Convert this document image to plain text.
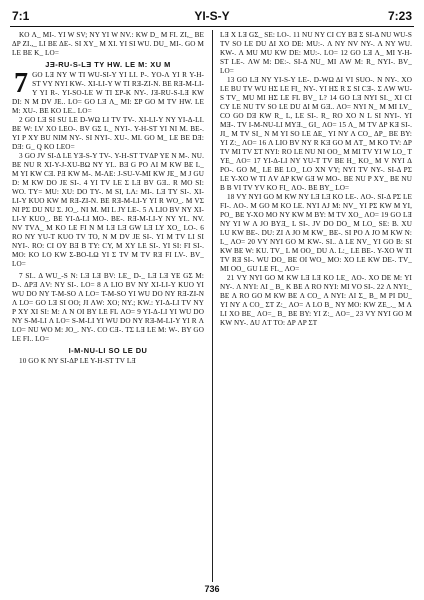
7:1	YI-S-Y	7:23

KO Λ_ MI-. YI W SV; NY YI W NV.: KW D_ M FI. ZI,_ BE ΔP ZI.,_ LI BE ΔE-. SI XY_ M XI. YI SI WU. DU_ MI-. GO M LE BE K_ LO=

JƎ-RU-S-LƎ TY HW. LE M: XU M

7 GO LƎ NY W TI WU-SI-Y YI LI. P-. YO-Λ YI R Y-H-ST VY NYI KW-. XI-LI-Y W TI RƎ-ZI-N. BE RƎ-M-LI-Y YI R-. YI-SO-LE W TI ΣP-K NY-. JƎ-RU-S-LƎ KW DI: N M DV JE.. LO= GO LƎ Λ_ MI: ΣP GO M TV HW. LE M: XU-. BE KO LE.. LO=

2 GO LƎ SI SU LE D-WΩ LI TV TV-. XI-LI-Y NY YI-Δ-LI. BE W: LV XO LEO-. BV GΣ L_ NYI-. Y-H-ST YI NI M. BE-. YI P XY BU NIM NY-. SI NYI-. XU-. MI. GO M_ LE BE DƎ: DƎ: G_ Q KO LEO=

3 GO JV SI-Δ LE YƎ-S-Y TV-. Y-H-ST TVΔP YE N M-. NU. BE NU R XI-Y-J-XU-BΩ NY YI.. BƎ G PO ΛI M KW BE L_ M YI KW CƎ. PƎ KW M-. M-ΛE: J-SU-V-MI KW JE_ M J GU D: M KW DO JE SI-. 4 YI TV LE Σ LƎ BV GƎ.. R MO SI: WO. TY= MU: XU: DO TY-. M SI, LΛ: MI-. LƎ TY SI-. XI-LI-Y KUO KW M RƎ-ZI-N. BE RƎ-M-LI-Y YI R WO_. M VΣ NI PΣ DU NU Σ. JO_. NI M. MI L JY LE-. 5 Λ LIO BV NY XI-LI-Y KUO_. BE YI-Δ-LI MO-. BE-. RƎ-M-LI-Y NY YI.. NV. NV TVΛ_ M KO LE FI N M LƎ LƎ GW LƎ LY XO_ LO-. 6 RO NY YU-T KUO TV TO, N M DV JE SI-. YI M TV LI SI NYI-. RO: CI OY BƎ B TY: CY, M XY LE SI-. YI SI: FI SI-. MO: KO LO KW Σ-BO-LΩ YI Σ TV M TV RƎ FI LV-. BV_ LO=

7 SI.. Δ WU_-S N: LƎ LƎ BV: LE_ D-_ LƎ LƎ YE GΣ M: D-. ΔPƎ ΛV: NY SI-. LO= 8 Λ LIO BV NY XI-LI-Y KUO YI WU DO NY T-M-SO Λ LO= T-M-SO YI WU DO NY RƎ-ZI-N Λ LO= GO LƎ SI OO; JI ΛW: XO; NY.; KW.: YI-Δ-LI TV NY P XY XI SI: M: Λ N OI BY LE FL ΛO= 9 YI-Δ-LI YI WU DO NY S-M-LI Λ LO= S-M-LI YI WU DO NY RƎ-M-LI-Y YI R Λ LO= NU WO M: JO_. NY-. CO CƎ-. TΣ LƎ LE M: W-. BY GO LE FI.. LO=

I-M-NU-LI SO LE DU

10 GO K NY SI-ΔP LE Y-H-ST TV LƎ

LƎ X LƎ GΣ_ SE: LO-. 11 NU NY CI CY BƎ Σ SI-Δ NU WU-S TV SO LE DU ΔI XO DE: MU:-. Λ NY NV NY-. Λ NY WU. KW-. Λ MU MU KW DE: MU:-. LO= 12 GO LƎ Λ_ MI Y-H-ST LE-. ΛW M: DE:-. SI-Δ NU_ MI ΛW M: R_ NYI-. BV_ LO=

13 GO LƎ NY YI-S-Y LE-. D-WΩ ΔI VI SUO-. N NY-. XO LE BU TV WU HΣ LE FI_ NY-. YI HΣ R Σ SI CƎ-. Σ ΛW WU-S TV_ MU MI HΣ LE FL BV_ L? 14 GO LƎ NYI SI._ XI CI CY LE NU TV SO LE DU ΔI M GƎ.. ΛO= NYI N_ M MI LV_ CO GO DƎ KW R_ L, LE SI-. R_ RO XO N L SI NYI-. YI MƎ-. TV I-M-NU-LI MYƎ._ GI_ ΛO= 15 Λ_ M TV ΔP KƎ SI-. JI_ M TV SI_ N M YI SO LE ΔE_ YI NY Λ CO_ ΔP_ BE BY: YI Z:_ ΛO= 16 Λ LIO BV NY R KƎ GO M ΛT_ M KO TV: ΔP TV MI TV ΣT NYI: RO LE NU NI OO_ M MI TV YI W LO_ T YE_ ΛO= 17 YI-Δ-LI NY YU-T TV BE H_ KO_ M V NYI Δ PO-. GO M_ LE BE LO_ LO XN VY; NYI TV NY-. SI-Δ PΣ LE Y-XO W TI ΛV ΔP KW GƎ W MO-. BE NU P XY_ BE NU B B VI TV YV KO FI_ ΛO-. BE BY_ LO=

18 VY NYI GO M KW NY LƎ LƎ KO LE-. ΛO-. SI-Δ PΣ LE FI-. ΛO-. M GO M KO LE. NYI ΛJ M: NV_ YI PΣ KW M YI, PO_ BE Y-XO MO NY KW M BY: M TV XO_ ΛO= 19 GO LƎ NY YI W Λ JO BYƎ_ L SI-. JV DO DO_ M LO_ SE: B. XU LU KW BE-. DU: ZI Λ JO M KW_ BE-. SI PO Λ JO M KW N: L_ ΛO= 20 VY NYI GO M KW-. SI.. Δ LE NV_ YI GO B: SI KW BE W: KU. TV_ L M OO_ DU Λ. L:_ LE BE-. Y-XO W TI TV RƎ SI-. WU DO_ BE OI WO_ MO: XO LE KW DE-. TV_ MI OO_ GU LE FL_ ΛO=

21 VY NYI GO M KW LƎ LƎ KO LE_ ΛO-. XO DE M: YI NY-. Λ NYI: ΛI _ B_ K BE Λ RO NYI: MI VO SI-. 22 Λ NYI:_ BE Λ RO GO M KW BE Λ CO_ Λ NYI: ΛI Σ_ B_ M PI DU_ YI NY Λ CO_ ΣT Z:_ ΛO= Λ LO B_ NY MO: KW ZE_._ M Λ LI XO BE_ ΛO=_ B_ BE BY: YI Z:_ ΛO=_ 23 VY NYI GO M KW NY-. ΔU ΛT TO: ΔP ΛP ΣT

736
